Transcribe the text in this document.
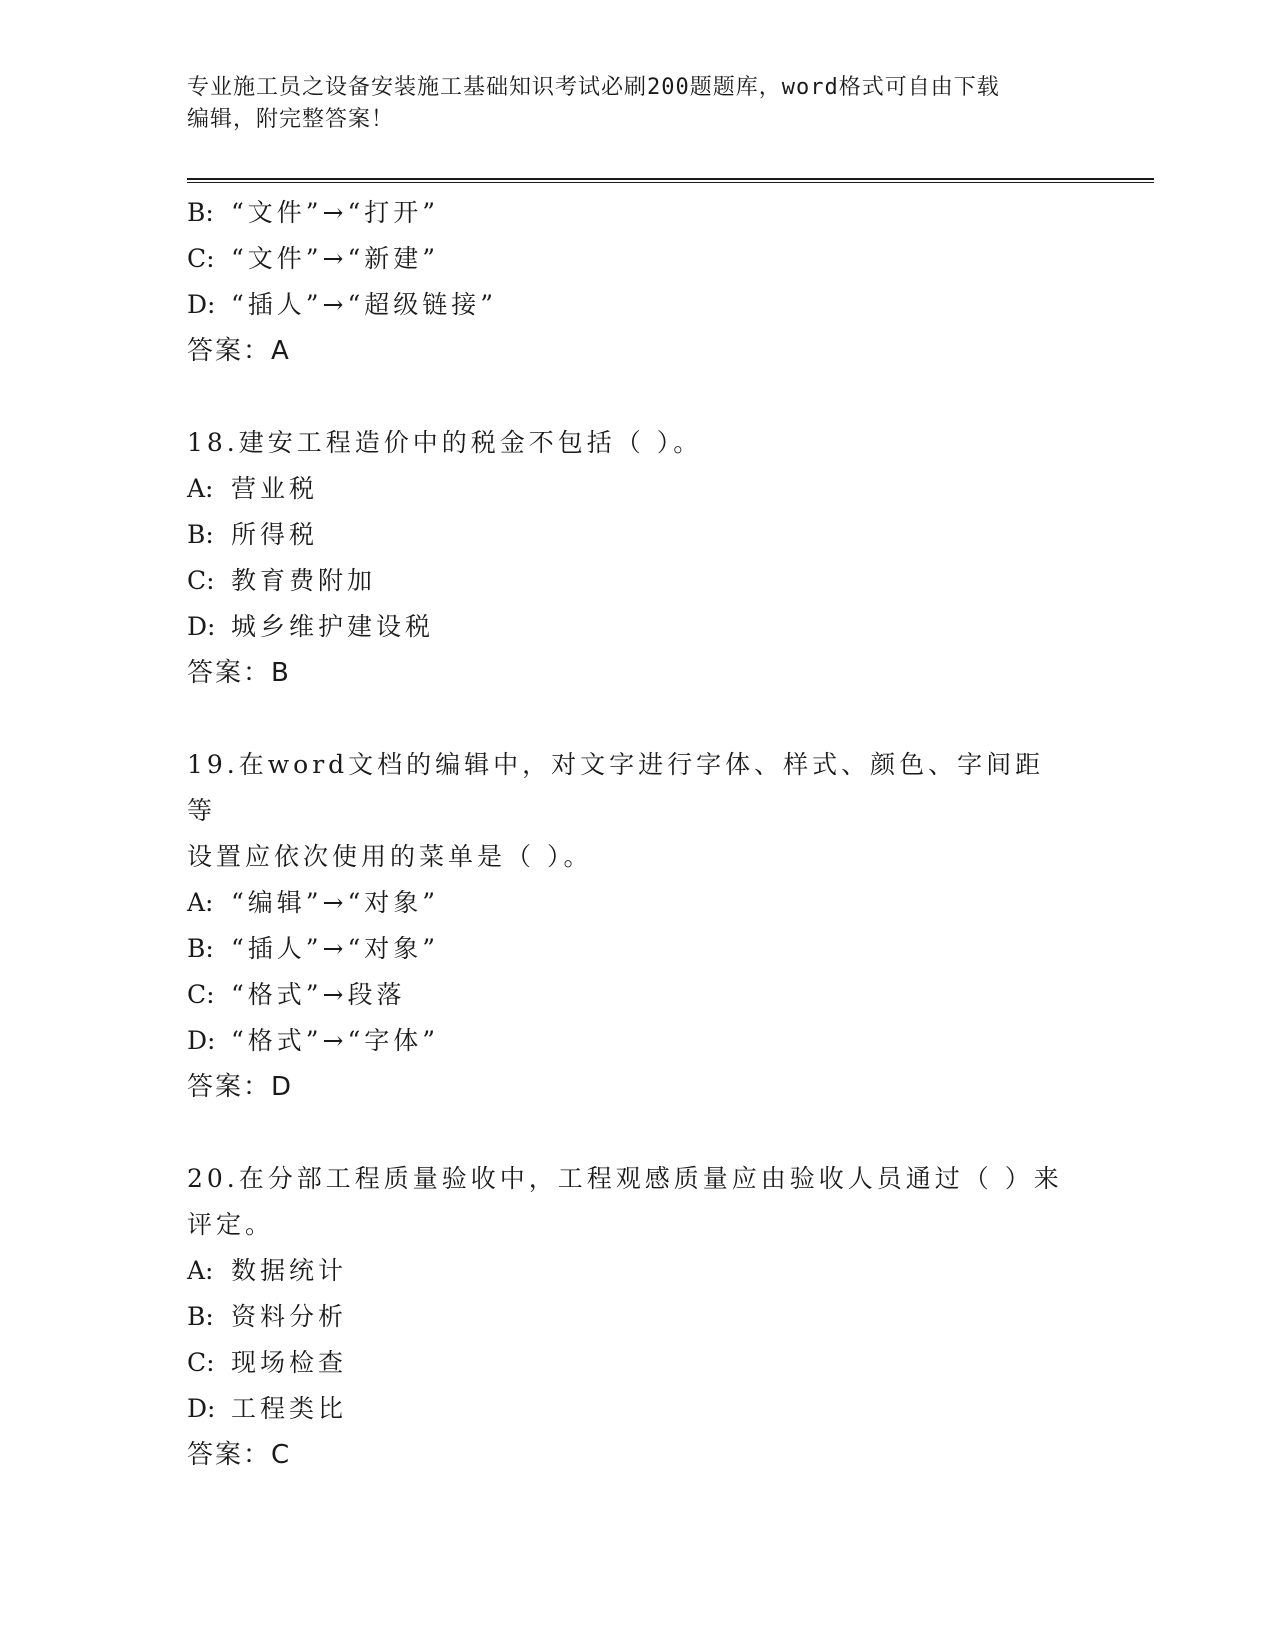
专业施工员之设备安装施工基础知识考试必刷200题题库，word格式可自由下载
编辑，附完整答案！
B: “文件”→“打开”
C: “文件”→“新建”
D: “插人”→“超级链接”
答案：A
18.建安工程造价中的税金不包括（ ）。
A: 营业税
B: 所得税
C: 教育费附加
D: 城乡维护建设税
答案：B
19.在word文档的编辑中，对文字进行字体、样式、颜色、字间距等
设置应依次使用的菜单是（ ）。
A: “编辑”→“对象”
B: “插人”→“对象”
C: “格式”→段落
D: “格式”→“字体”
答案：D
20.在分部工程质量验收中，工程观感质量应由验收人员通过（ ）来
评定。
A: 数据统计
B: 资料分析
C: 现场检查
D: 工程类比
答案：C
